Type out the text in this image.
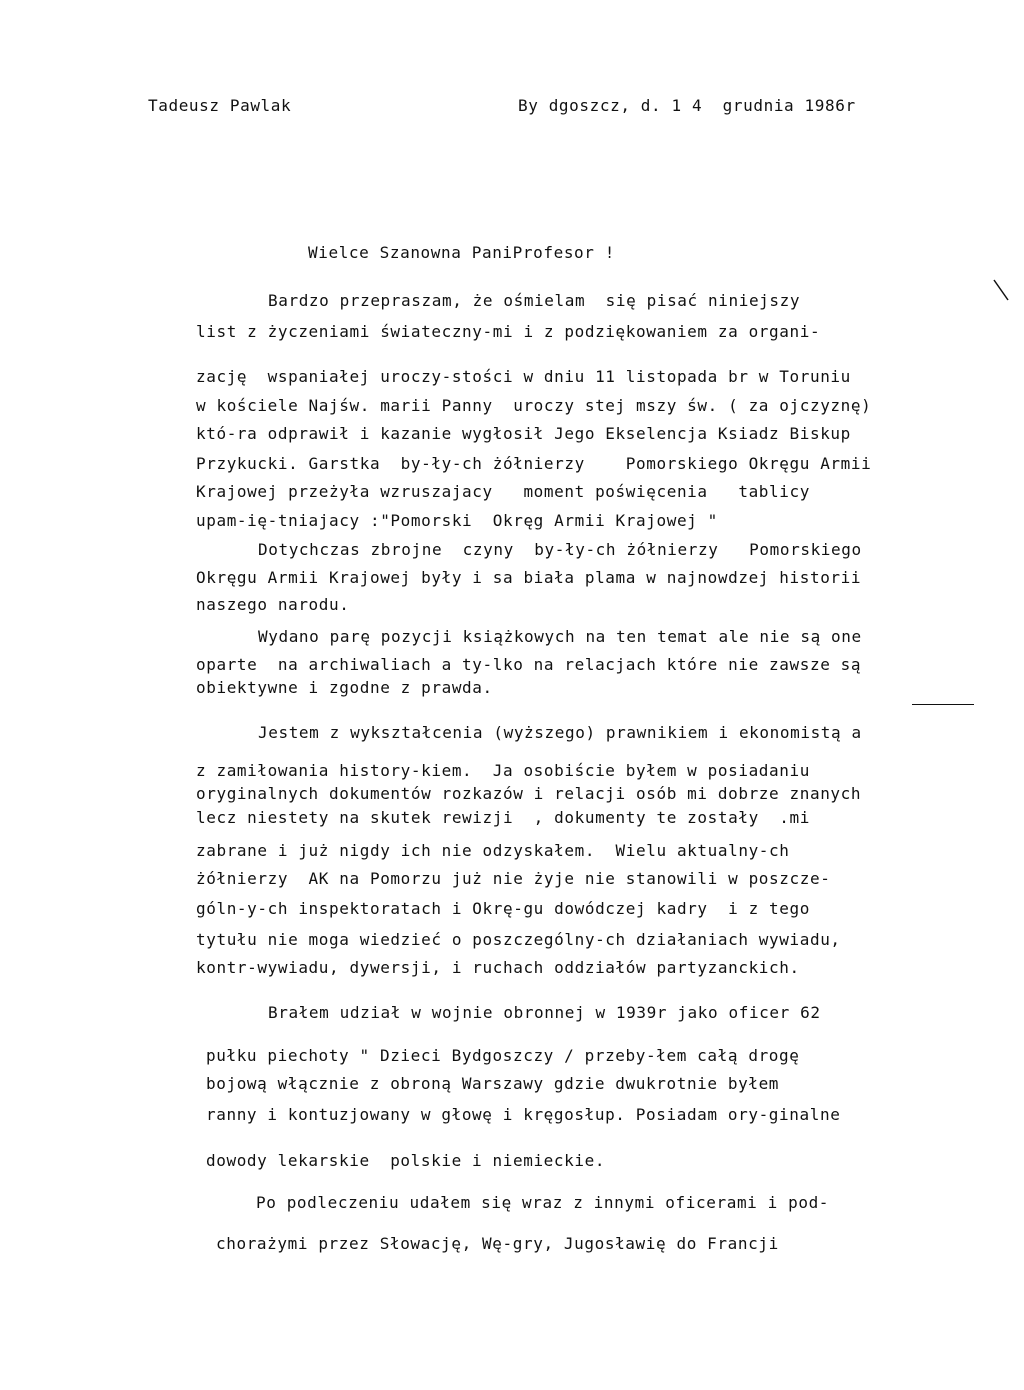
Tadeusz Pawlak	By dgoszcz, d. 1 4  grudnia 1986r
Wielce Szanowna PaniProfesor !
Bardzo przepraszam, że ośmielam  się pisać niniejszy
list z życzeniami świateczny-mi i z podziękowaniem za organi-
zację  wspaniałej uroczy-stości w dniu 11 listopada br w Toruniu
w kościele Najśw. marii Panny  uroczy stej mszy św. ( za ojczyznę)
któ-ra odprawił i kazanie wygłosił Jego Ekselencja Ksiadz Biskup
Przykucki. Garstka  by-ły-ch żółnierzy    Pomorskiego Okręgu Armii
Krajowej przeżyła wzruszajacy   moment poświęcenia   tablicy
upam-ię-tniajacy :"Pomorski  Okręg Armii Krajowej "
Dotychczas zbrojne  czyny  by-ły-ch żółnierzy   Pomorskiego
Okręgu Armii Krajowej były i sa biała plama w najnowdzej historii
naszego narodu.
Wydano parę pozycji książkowych na ten temat ale nie są one
oparte  na archiwaliach a ty-lko na relacjach które nie zawsze są
obiektywne i zgodne z prawda.
Jestem z wykształcenia (wyższego) prawnikiem i ekonomistą a
z zamiłowania history-kiem.  Ja osobiście byłem w posiadaniu
oryginalnych dokumentów rozkazów i relacji osób mi dobrze znanych
lecz niestety na skutek rewizji  , dokumenty te zostały  .mi
zabrane i już nigdy ich nie odzyskałem.  Wielu aktualny-ch
żółnierzy  AK na Pomorzu już nie żyje nie stanowili w poszcze-
góln-y-ch inspektoratach i Okrę-gu dowódczej kadry  i z tego
tytułu nie moga wiedzieć o poszczególny-ch działaniach wywiadu,
kontr-wywiadu, dywersji, i ruchach oddziałów partyzanckich.
Brałem udział w wojnie obronnej w 1939r jako oficer 62
pułku piechoty " Dzieci Bydgoszczy / przeby-łem całą drogę
bojową włącznie z obroną Warszawy gdzie dwukrotnie byłem
ranny i kontuzjowany w głowę i kręgosłup. Posiadam ory-ginalne
dowody lekarskie  polskie i niemieckie.
Po podleczeniu udałem się wraz z innymi oficerami i pod-
chorażymi przez Słowację, Wę-gry, Jugosławię do Francji
